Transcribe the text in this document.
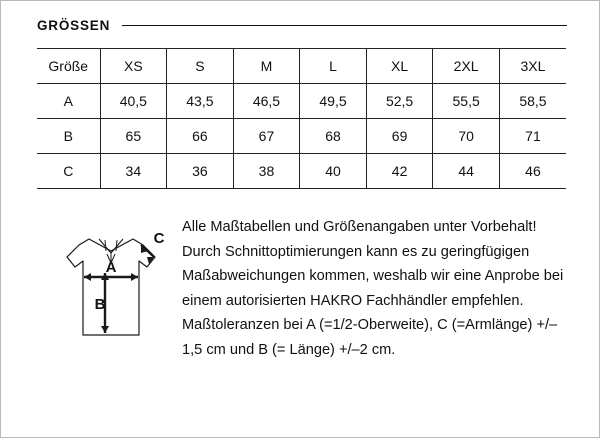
GRÖSSEN
Größe	XS	S	M	L	XL	2XL	3XL
A	40,5	43,5	46,5	49,5	52,5	55,5	58,5
B	65	66	67	68	69	70	71
C	34	36	38	40	42	44	46
A
B
C

Alle Maßtabellen und Größenangaben unter Vorbehalt! Durch Schnittoptimierungen kann es zu geringfügigen Maßabweichungen kommen, weshalb wir eine Anprobe bei einem autorisierten HAKRO Fachhändler empfehlen. Maßtoleranzen bei A (=1/2-Oberweite), C (=Armlänge) +/–1,5 cm und B (= Länge) +/–2 cm.
